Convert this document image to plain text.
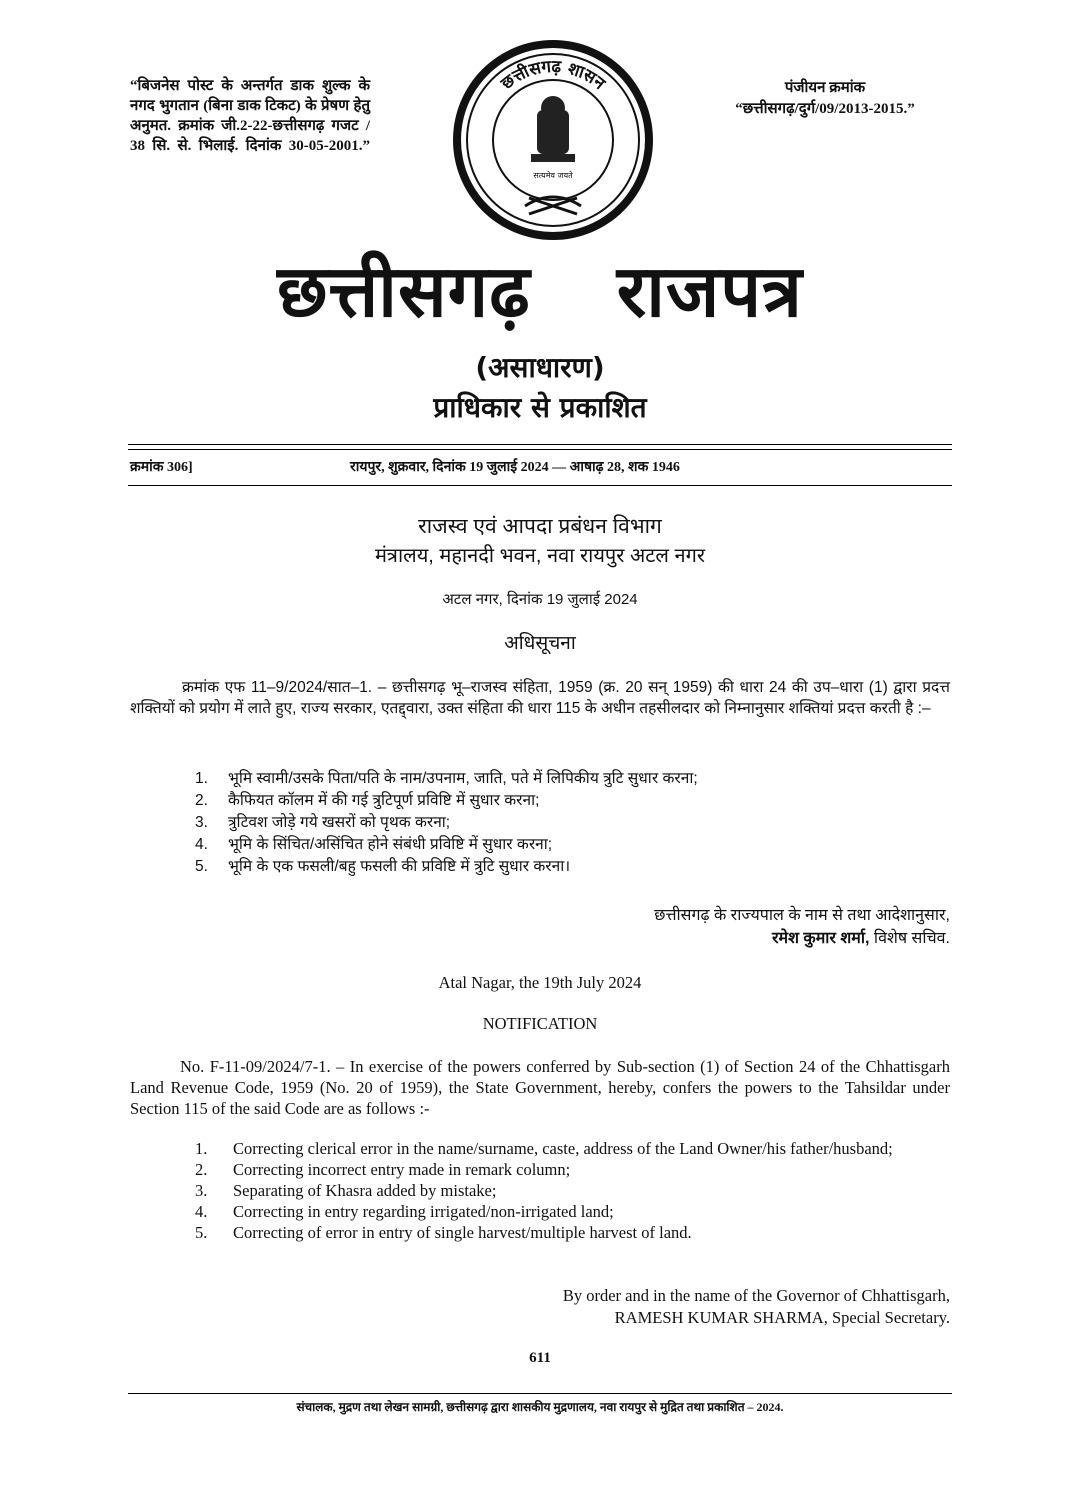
“बिजनेस पोस्ट के अन्तर्गत डाक शुल्क के नगद भुगतान (बिना डाक टिकट) के प्रेषण हेतु अनुमत. क्रमांक जी.2-22-छत्तीसगढ़ गजट / 38 सि. से. भिलाई. दिनांक 30-05-2001.”
पंजीयन क्रमांक
“छत्तीसगढ़/दुर्ग/09/2013-2015.”
छत्तीसगढ़ शासन
सत्यमेव जयते
छत्तीसगढ़ राजपत्र
(असाधारण)
प्राधिकार से प्रकाशित
क्रमांक 306]	रायपुर, शुक्रवार, दिनांक 19 जुलाई 2024 — आषाढ़ 28, शक 1946
राजस्व एवं आपदा प्रबंधन विभाग
मंत्रालय, महानदी भवन, नवा रायपुर अटल नगर
अटल नगर, दिनांक 19 जुलाई 2024
अधिसूचना
क्रमांक एफ 11–9/2024/सात–1. – छत्तीसगढ़ भू–राजस्व संहिता, 1959 (क्र. 20 सन् 1959) की धारा 24 की उप–धारा (1) द्वारा प्रदत्त शक्तियों को प्रयोग में लाते हुए, राज्य सरकार, एतद्द्वारा, उक्त संहिता की धारा 115 के अधीन तहसीलदार को निम्नानुसार शक्तियां प्रदत्त करती है :–
1.	भूमि स्वामी/उसके पिता/पति के नाम/उपनाम, जाति, पते में लिपिकीय त्रुटि सुधार करना;
2.	कैफियत कॉलम में की गई त्रुटिपूर्ण प्रविष्टि में सुधार करना;
3.	त्रुटिवश जोड़े गये खसरों को पृथक करना;
4.	भूमि के सिंचित/असिंचित होने संबंधी प्रविष्टि में सुधार करना;
5.	भूमि के एक फसली/बहु फसली की प्रविष्टि में त्रुटि सुधार करना।
छत्तीसगढ़ के राज्यपाल के नाम से तथा आदेशानुसार,
रमेश कुमार शर्मा, विशेष सचिव.
Atal Nagar, the 19th July 2024
NOTIFICATION
No. F-11-09/2024/7-1. – In exercise of the powers conferred by Sub-section (1) of Section 24 of the Chhattisgarh Land Revenue Code, 1959 (No. 20 of 1959), the State Government, hereby, confers the powers to the Tahsildar under Section 115 of the said Code are as follows :-
1.	Correcting clerical error in the name/surname, caste, address of the Land Owner/his father/husband;
2.	Correcting incorrect entry made in remark column;
3.	Separating of Khasra added by mistake;
4.	Correcting in entry regarding irrigated/non-irrigated land;
5.	Correcting of error in entry of single harvest/multiple harvest of land.
By order and in the name of the Governor of Chhattisgarh,
RAMESH KUMAR SHARMA, Special Secretary.
611
संचालक, मुद्रण तथा लेखन सामग्री, छत्तीसगढ़ द्वारा शासकीय मुद्रणालय, नवा रायपुर से मुद्रित तथा प्रकाशित – 2024.
